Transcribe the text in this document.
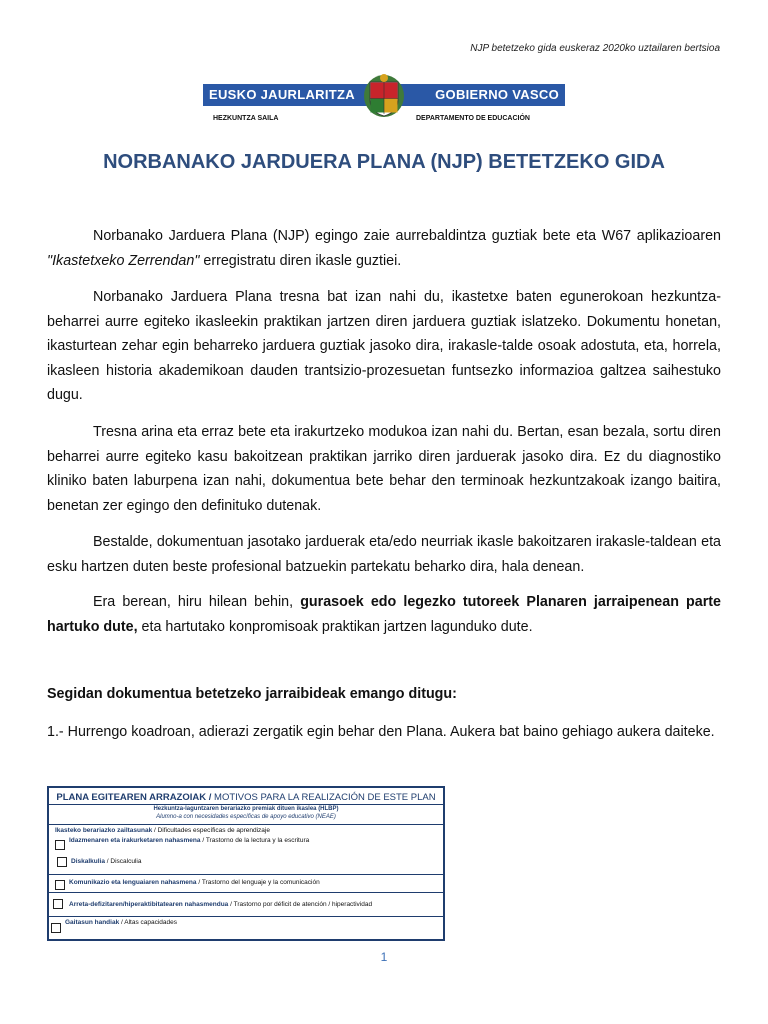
NJP betetzeko gida euskeraz 2020ko uztailaren bertsioa
EUSKO JAURLARITZA	GOBIERNO VASCO
HEZKUNTZA SAILA	DEPARTAMENTO DE EDUCACIÓN
NORBANAKO JARDUERA PLANA (NJP) BETETZEKO GIDA
Norbanako Jarduera Plana (NJP) egingo zaie aurrebaldintza guztiak bete eta W67 aplikazioaren "Ikastetxeko Zerrendan" erregistratu diren ikasle guztiei.
Norbanako Jarduera Plana tresna bat izan nahi du, ikastetxe baten egunerokoan hezkuntza-beharrei aurre egiteko ikasleekin praktikan jartzen diren jarduera guztiak islatzeko. Dokumentu honetan, ikasturtean zehar egin beharreko jarduera guztiak jasoko dira, irakasle-talde osoak adostuta, eta, horrela, ikasleen historia akademikoan dauden trantsizio-prozesuetan funtsezko informazioa galtzea saihestuko dugu.
Tresna arina eta erraz bete eta irakurtzeko modukoa izan nahi du. Bertan, esan bezala, sortu diren beharrei aurre egiteko kasu bakoitzean praktikan jarriko diren jarduerak jasoko dira. Ez du diagnostiko kliniko baten laburpena izan nahi, dokumentua bete behar den terminoak hezkuntzakoak izango baitira, benetan zer egingo den definituko dutenak.
Bestalde, dokumentuan jasotako jarduerak eta/edo neurriak ikasle bakoitzaren irakasle-taldean eta esku hartzen duten beste profesional batzuekin partekatu beharko dira, hala denean.
Era berean, hiru hilean behin, gurasoek edo legezko tutoreek Planaren jarraipenean parte hartuko dute, eta hartutako konpromisoak praktikan jartzen lagunduko dute.
Segidan dokumentua betetzeko jarraibideak emango ditugu:
1.- Hurrengo koadroan, adierazi zergatik egin behar den Plana. Aukera bat baino gehiago aukera daiteke.
PLANA EGITEAREN ARRAZOIAK / MOTIVOS PARA LA REALIZACIÓN DE ESTE PLAN
Hezkuntza-laguntzaren berariazko premiak dituen ikaslea (HLBP)
Alumno-a con necesidades específicas de apoyo educativo (NEAE)
Ikasteko berariazko zailtasunak / Dificultades específicas de aprendizaje
Idazmenaren eta irakurketaren nahasmena / Trastorno de la lectura y la escritura
Diskalkulia / Discalculia
Komunikazio eta lenguaiaren nahasmena / Trastorno del lenguaje y la comunicación
Arreta-defizitaren/hiperaktibitatearen nahasmendua / Trastorno por déficit de atención / hiperactividad
Gaitasun handiak / Altas capacidades
1
